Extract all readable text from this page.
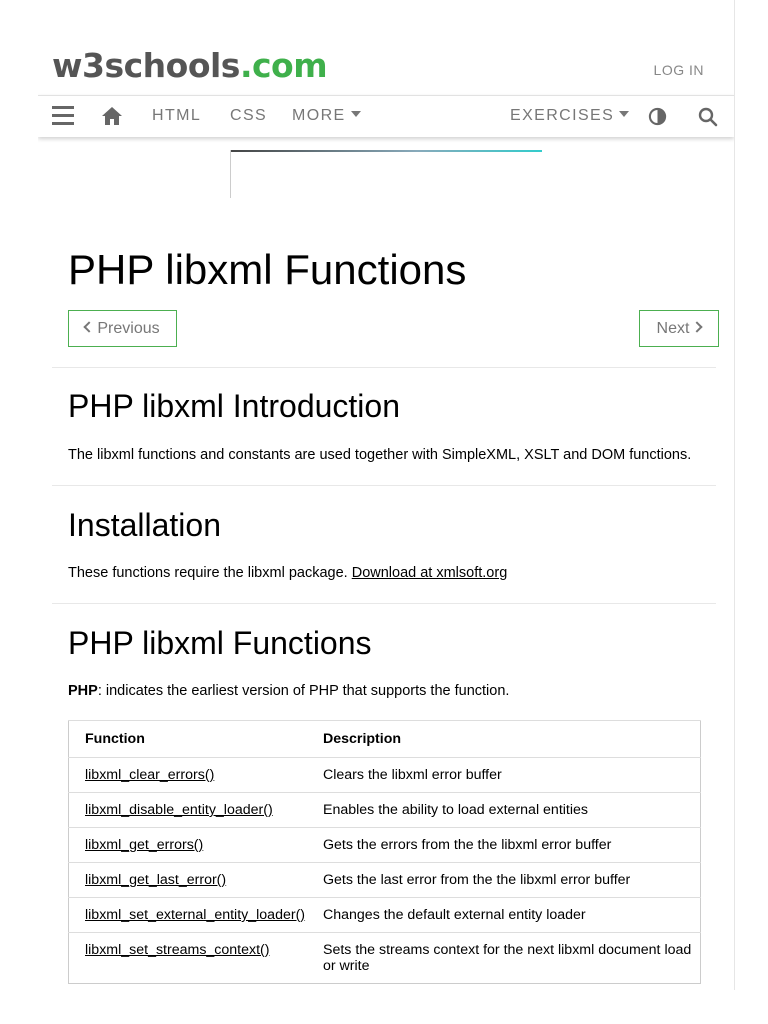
w3schools.com	LOG IN
HTML CSS MORE	EXERCISES
PHP libxml Functions
Previous	Next
PHP libxml Introduction

The libxml functions and constants are used together with SimpleXML, XSLT and DOM functions.

Installation

These functions require the libxml package. Download at xmlsoft.org

PHP libxml Functions

PHP: indicates the earliest version of PHP that supports the function.

Function	Description
libxml_clear_errors()	Clears the libxml error buffer
libxml_disable_entity_loader()	Enables the ability to load external entities
libxml_get_errors()	Gets the errors from the the libxml error buffer
libxml_get_last_error()	Gets the last error from the the libxml error buffer
libxml_set_external_entity_loader()	Changes the default external entity loader
libxml_set_streams_context()	Sets the streams context for the next libxml document load or write
